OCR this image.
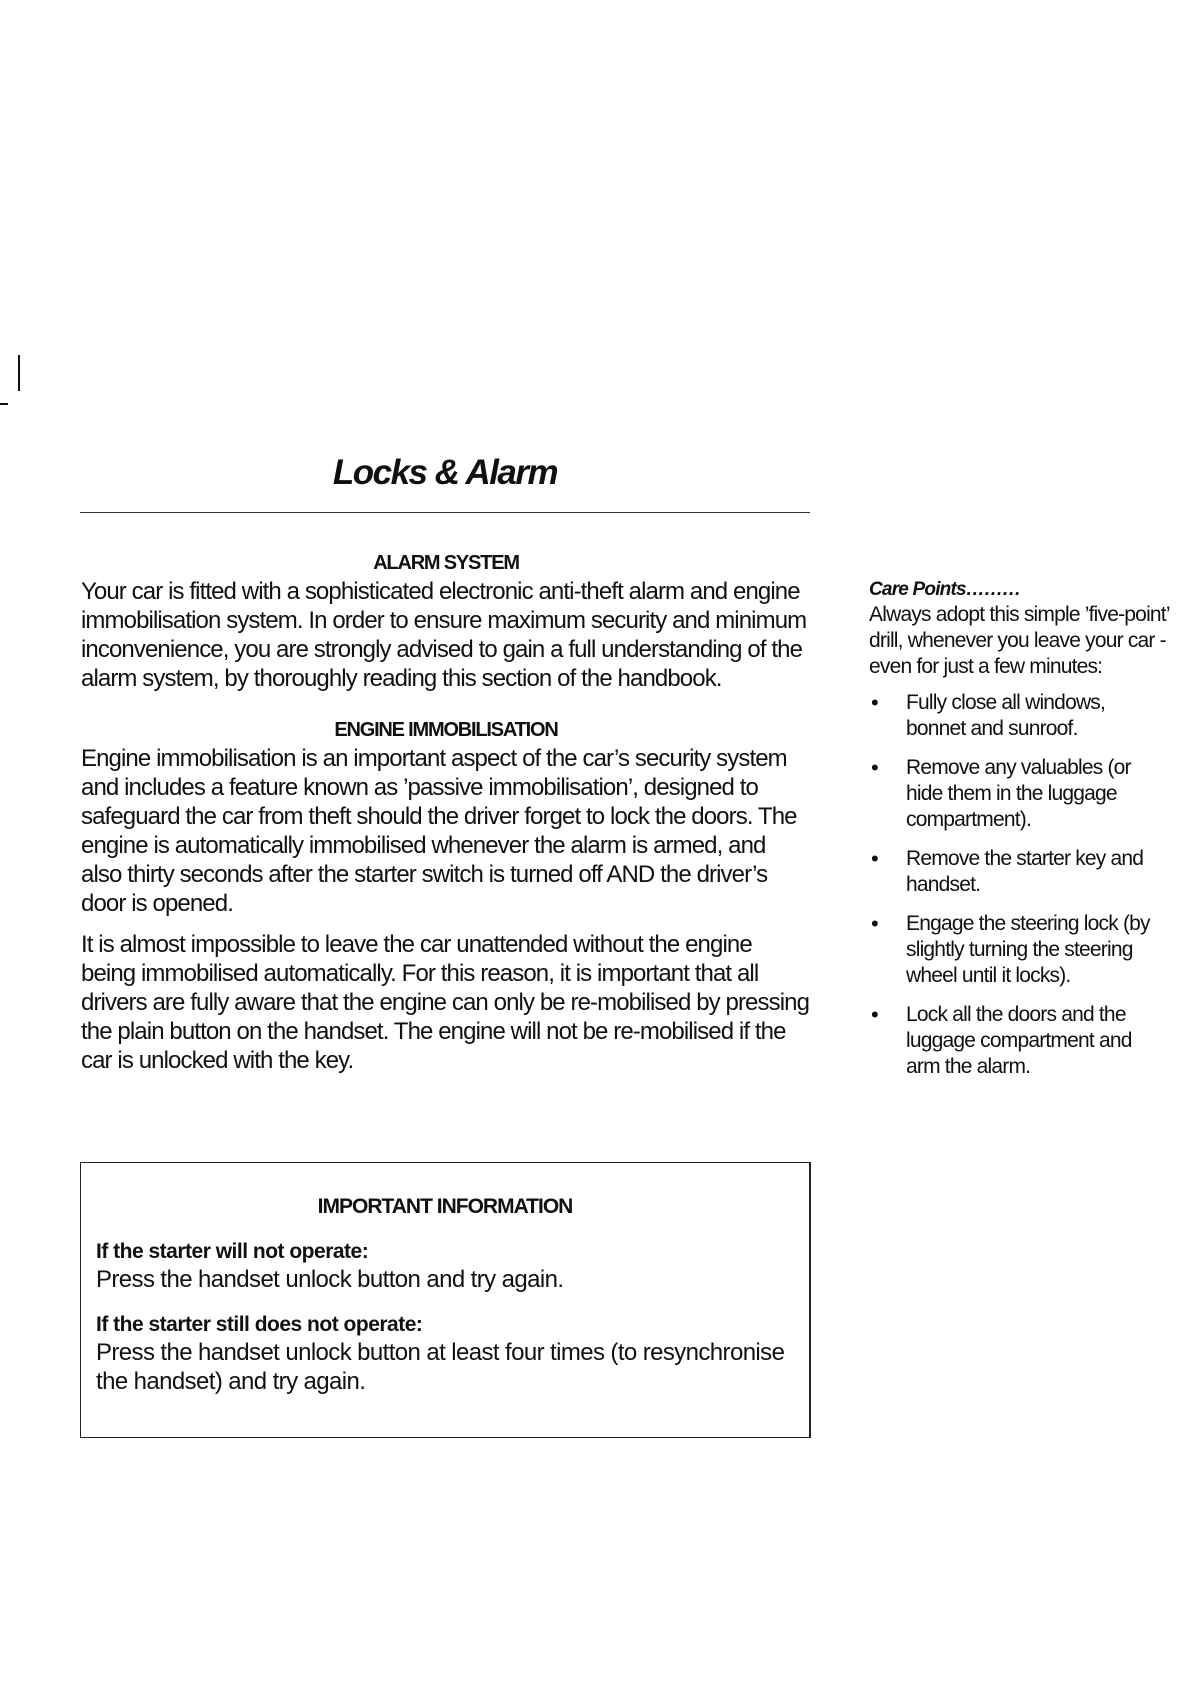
Locks & Alarm

ALARM SYSTEM

Your car is fitted with a sophisticated electronic anti-theft alarm and engine immobilisation system. In order to ensure maximum security and minimum inconvenience, you are strongly advised to gain a full understanding of the alarm system, by thoroughly reading this section of the handbook.

ENGINE IMMOBILISATION

Engine immobilisation is an important aspect of the car’s security system and includes a feature known as ’passive immobilisation’, designed to safeguard the car from theft should the driver forget to lock the doors. The engine is automatically immobilised whenever the alarm is armed, and also thirty seconds after the starter switch is turned off AND the driver’s door is opened.

It is almost impossible to leave the car unattended without the engine being immobilised automatically. For this reason, it is important that all drivers are fully aware that the engine can only be re-mobilised by pressing the plain button on the handset. The engine will not be re-mobilised if the car is unlocked with the key.

IMPORTANT INFORMATION

If the starter will not operate:

Press the handset unlock button and try again.

If the starter still does not operate:

Press the handset unlock button at least four times (to resynchronise the handset) and try again.

Care Points………

Always adopt this simple ’five-point’ drill, whenever you leave your car - even for just a few minutes:

• Fully close all windows, bonnet and sunroof.
• Remove any valuables (or hide them in the luggage compartment).
• Remove the starter key and handset.
• Engage the steering lock (by slightly turning the steering wheel until it locks).
• Lock all the doors and the luggage compartment and arm the alarm.
